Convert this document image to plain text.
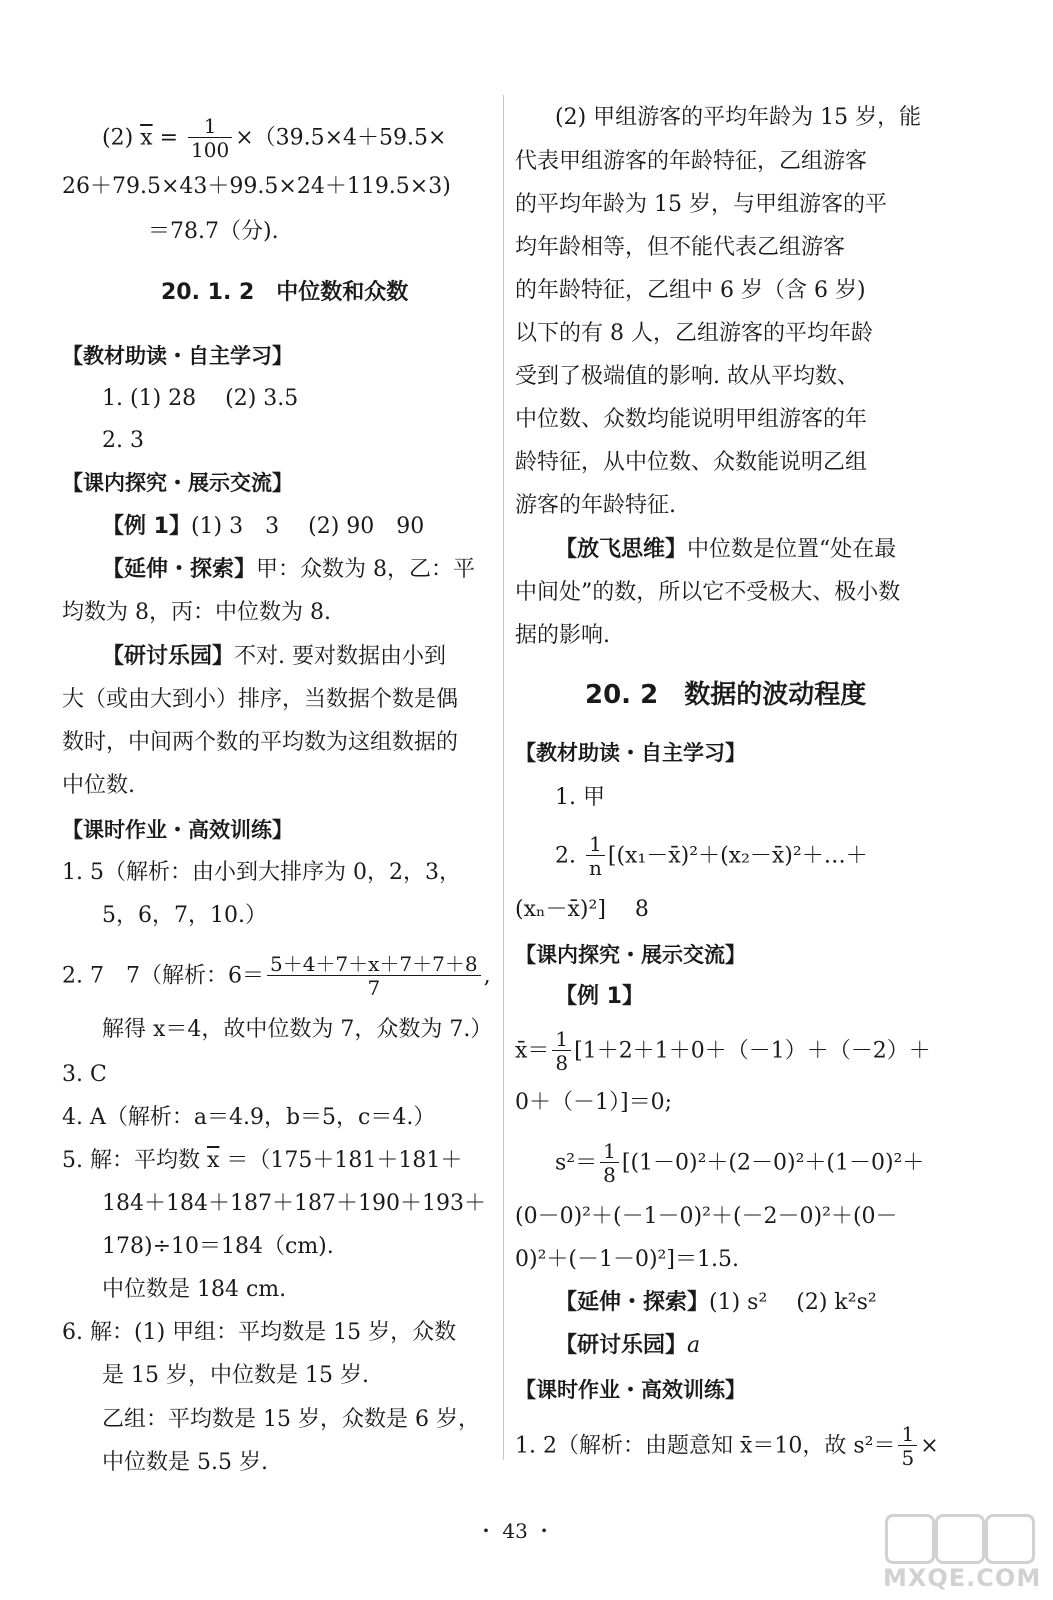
(2) $\overline{x} = \frac{1}{100} \times(39.5\times 4+59.5\times$
26＋79.5×43＋99.5×24＋119.5×3)
＝78.7（分).
20. 1. 2　中位数和众数
【教材助读・自主学习】
1. (1) 28　 (2) 3.5
2. 3
【课内探究・展示交流】
【例 1】(1) 3　3　 (2) 90　90
【延伸・探索】甲：众数为 8，乙：平
均数为 8，丙：中位数为 8.
【研讨乐园】不对. 要对数据由小到
大（或由大到小）排序，当数据个数是偶
数时，中间两个数的平均数为这组数据的
中位数.
【课时作业・高效训练】
1. 5（解析：由小到大排序为 0，2，3，
5，6，7，10.）
2. 7　7（解析：$6= \frac{5+4+7+x+7+7+8}{7}$ ,
解得 x＝4，故中位数为 7，众数为 7.）
3. C
4. A（解析：a＝4.9，b＝5，c＝4.）
5. 解：平均数 $\overline{x} =(175+181+181+$
184＋184＋187＋187＋190＋193＋
178)÷10＝184（cm).
中位数是 184 cm.
6. 解：(1) 甲组：平均数是 15 岁，众数
是 15 岁，中位数是 15 岁.
乙组：平均数是 15 岁，众数是 6 岁，
中位数是 5.5 岁.
(2) 甲组游客的平均年龄为 15 岁，能
代表甲组游客的年龄特征，乙组游客
的平均年龄为 15 岁，与甲组游客的平
均年龄相等，但不能代表乙组游客
的年龄特征，乙组中 6 岁（含 6 岁)
以下的有 8 人，乙组游客的平均年龄
受到了极端值的影响. 故从平均数、
中位数、众数均能说明甲组游客的年
龄特征，从中位数、众数能说明乙组
游客的年龄特征.
【放飞思维】中位数是位置“处在最
中间处”的数，所以它不受极大、极小数
据的影响.
20. 2　数据的波动程度
【教材助读・自主学习】
1. 甲
2. $\frac{1}{n}$ [(x₁－x̄)²＋(x₂－x̄)²＋…＋
(xₙ－x̄)²]　 8
【课内探究・展示交流】
【例 1】
x̄＝ $\frac{1}{8} [1+2+1+0+(-1)+(-2)+$
0＋（－1）]＝0;
$s^2= \frac{1}{8} [(1-0)^2+(2-0)^2+(1-0)^2+$
(0－0)²＋(－1－0)²＋(－2－0)²＋(0－
0)²＋(－1－0)²]＝1.5.
【延伸・探索】(1) s²　 (2) k²s²
【研讨乐园】a
【课时作业・高效训练】
1. 2（解析：由题意知 x̄＝10，故 $s^2= \frac{1}{5}$ ×
・ 43 ・
MXQE.COM
